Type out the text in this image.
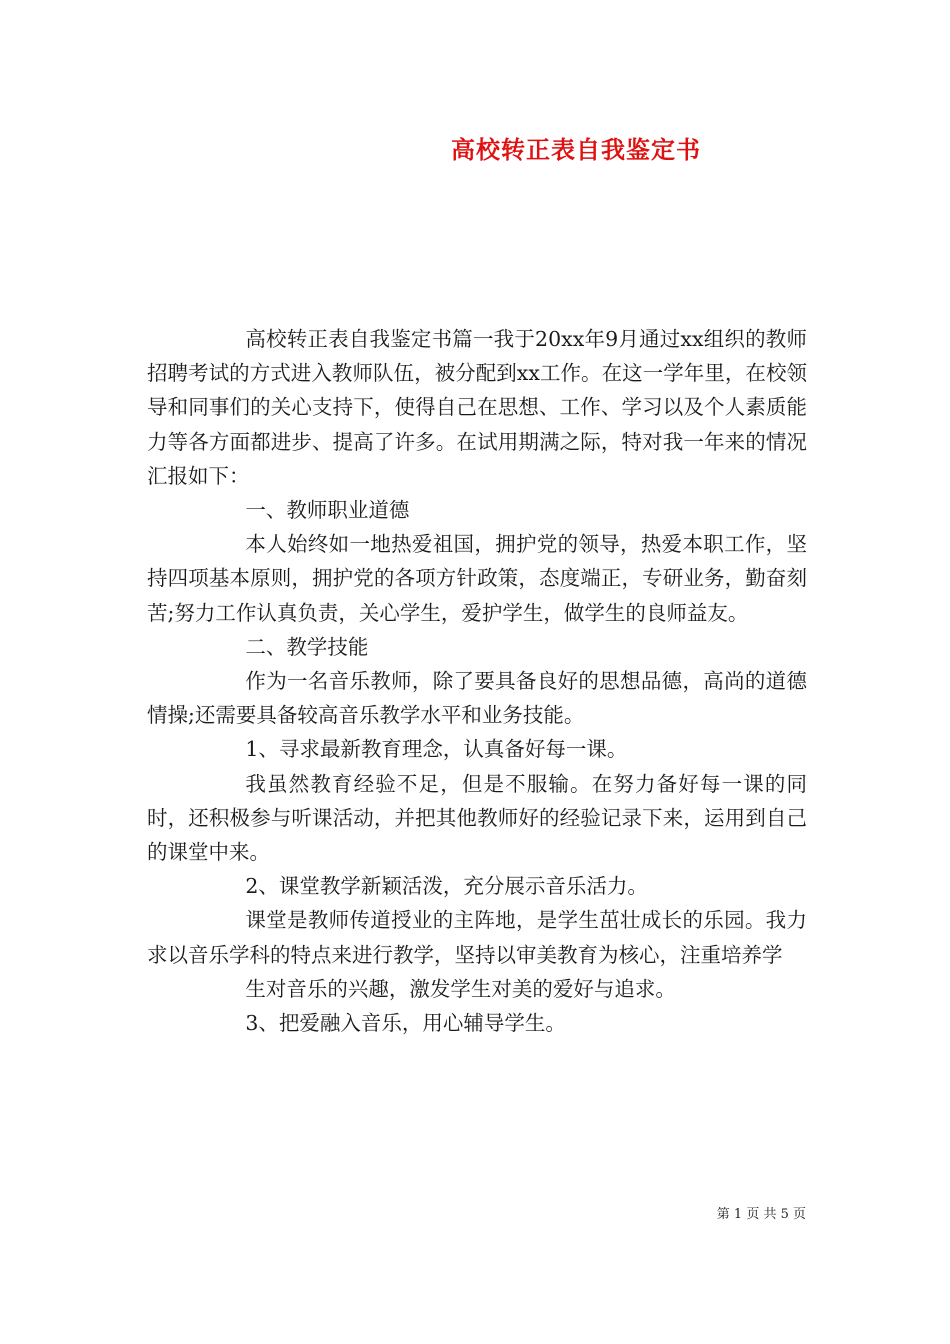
高校转正表自我鉴定书

高校转正表自我鉴定书篇一我于20xx年9月通过xx组织的教师招聘考试的方式进入教师队伍，被分配到xx工作。在这一学年里，在校领导和同事们的关心支持下，使得自己在思想、工作、学习以及个人素质能力等各方面都进步、提高了许多。在试用期满之际，特对我一年来的情况汇报如下：

一、教师职业道德

本人始终如一地热爱祖国，拥护党的领导，热爱本职工作，坚持四项基本原则，拥护党的各项方针政策，态度端正，专研业务，勤奋刻苦;努力工作认真负责，关心学生，爱护学生，做学生的良师益友。

二、教学技能

作为一名音乐教师，除了要具备良好的思想品德，高尚的道德情操;还需要具备较高音乐教学水平和业务技能。

1、寻求最新教育理念，认真备好每一课。

我虽然教育经验不足，但是不服输。在努力备好每一课的同时，还积极参与听课活动，并把其他教师好的经验记录下来，运用到自己的课堂中来。

2、课堂教学新颖活泼，充分展示音乐活力。

课堂是教师传道授业的主阵地，是学生茁壮成长的乐园。我力求以音乐学科的特点来进行教学，坚持以审美教育为核心，注重培养学

生对音乐的兴趣，激发学生对美的爱好与追求。

3、把爱融入音乐，用心辅导学生。

第 1 页 共 5 页
